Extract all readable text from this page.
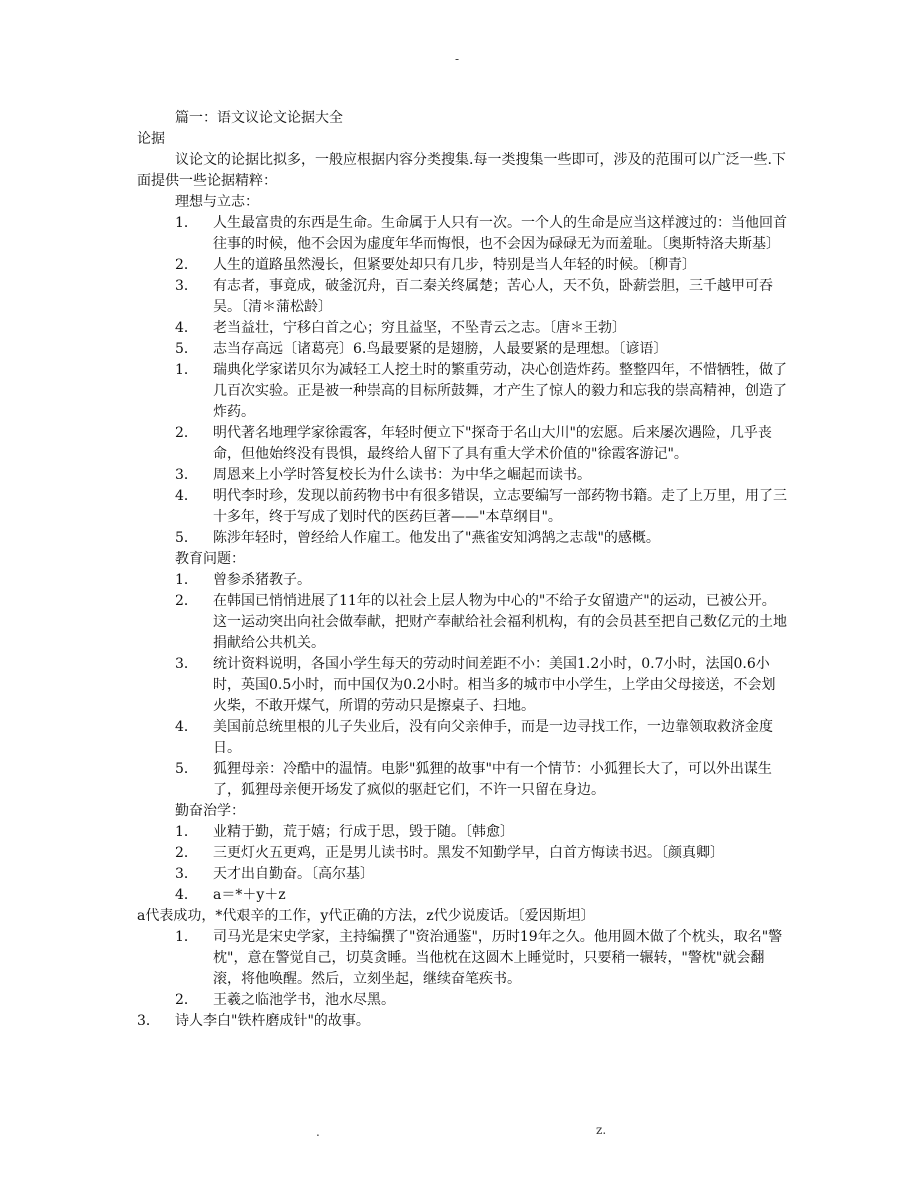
-

篇一：语文议论文论据大全

论据

议论文的论据比拟多，一般应根据内容分类搜集.每一类搜集一些即可，涉及的范围可以广泛一些.下面提供一些论据精粹：

理想与立志：

1．	人生最富贵的东西是生命。生命属于人只有一次。一个人的生命是应当这样渡过的：当他回首往事的时候，他不会因为虚度年华而悔恨，也不会因为碌碌无为而羞耻。〔奥斯特洛夫斯基〕
2．	人生的道路虽然漫长，但紧要处却只有几步，特别是当人年轻的时候。〔柳青〕
3．	有志者，事竟成，破釜沉舟，百二秦关终属楚；苦心人，天不负，卧薪尝胆，三千越甲可吞吴。〔清＊蒲松龄〕
4．	老当益壮，宁移白首之心；穷且益坚，不坠青云之志。〔唐＊王勃〕
5．	志当存高远〔诸葛亮〕6.鸟最要紧的是翅膀，人最要紧的是理想。〔谚语〕
1．	瑞典化学家诺贝尔为减轻工人挖土时的繁重劳动，决心创造炸药。整整四年，不惜牺牲，做了几百次实验。正是被一种崇高的目标所鼓舞，才产生了惊人的毅力和忘我的崇高精神，创造了炸药。
2．	明代著名地理学家徐霞客，年轻时便立下"探奇于名山大川"的宏愿。后来屡次遇险，几乎丧命，但他始终没有畏惧，最终给人留下了具有重大学术价值的"徐霞客游记"。
3．	周恩来上小学时答复校长为什么读书：为中华之崛起而读书。
4．	明代李时珍，发现以前药物书中有很多错误，立志要编写一部药物书籍。走了上万里，用了三十多年，终于写成了划时代的医药巨著——"本草纲目"。
5．	陈涉年轻时，曾经给人作雇工。他发出了"燕雀安知鸿鹄之志哉"的感概。

教育问题：

1．	曾参杀猪教子。
2．	在韩国已悄悄进展了11年的以社会上层人物为中心的"不给子女留遗产"的运动，已被公开。这一运动突出向社会做奉献，把财产奉献给社会福利机构，有的会员甚至把自己数亿元的土地捐献给公共机关。
3．	统计资料说明，各国小学生每天的劳动时间差距不小：美国1.2小时，0.7小时，法国0.6小时，英国0.5小时，而中国仅为0.2小时。相当多的城市中小学生，上学由父母接送，不会划火柴，不敢开煤气，所谓的劳动只是擦桌子、扫地。
4．	美国前总统里根的儿子失业后，没有向父亲伸手，而是一边寻找工作，一边靠领取救济金度日。
5．	狐狸母亲：冷酷中的温情。电影"狐狸的故事"中有一个情节：小狐狸长大了，可以外出谋生了，狐狸母亲便开场发了疯似的驱赶它们，不许一只留在身边。

勤奋治学：

1．	业精于勤，荒于嬉；行成于思，毁于随。〔韩愈〕
2．	三更灯火五更鸡，正是男儿读书时。黑发不知勤学早，白首方悔读书迟。〔颜真卿〕
3．	天才出自勤奋。〔高尔基〕
4．	a＝*＋y＋z

a代表成功，*代艰辛的工作，y代正确的方法，z代少说废话。〔爱因斯坦〕

1．	司马光是宋史学家，主持编撰了"资治通鉴"，历时19年之久。他用圆木做了个枕头，取名"警枕"，意在警觉自己，切莫贪睡。当他枕在这圆木上睡觉时，只要稍一辗转，"警枕"就会翻滚，将他唤醒。然后，立刻坐起，继续奋笔疾书。
2．	王羲之临池学书，池水尽黑。
3．	诗人李白"铁杵磨成针"的故事。
.	z.
